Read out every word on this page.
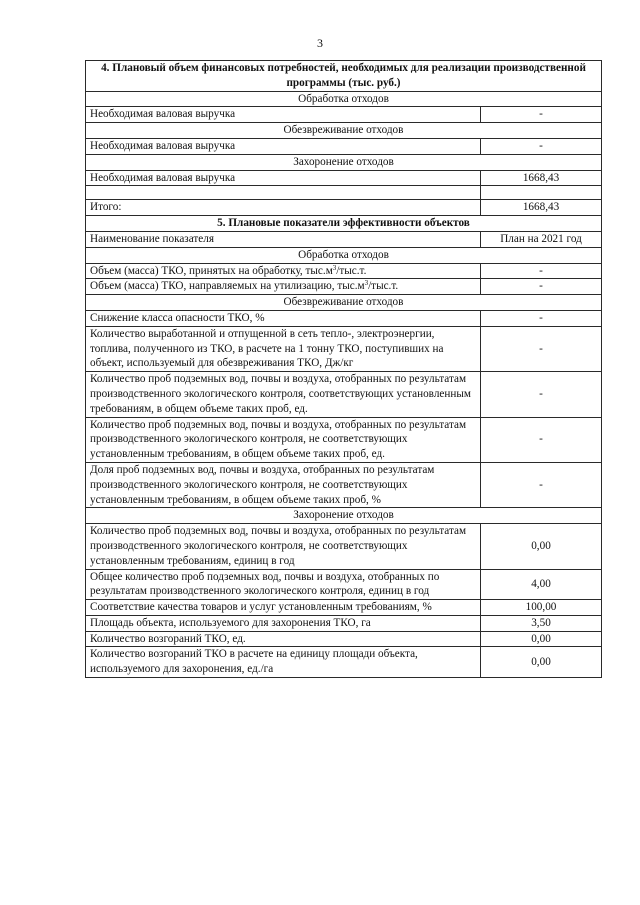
3
4. Плановый объем финансовых потребностей, необходимых для реализации производственной программы (тыс. руб.)	
Обработка отходов	
Необходимая валовая выручка	-
Обезвреживание отходов	
Необходимая валовая выручка	-
Захоронение отходов	
Необходимая валовая выручка	1668,43

Итого:	1668,43
5. Плановые показатели эффективности объектов	
Наименование показателя	План на 2021 год
Обработка отходов	
Объем (масса) ТКО, принятых на обработку, $тыс.м^3/тыс.т$.	-
Объем (масса) ТКО, направляемых на утилизацию, $тыс.м^3/тыс.т$.	-
Обезвреживание отходов	
Снижение класса опасности ТКО, %	-
Количество выработанной и отпущенной в сеть тепло-, электроэнергии, топлива, полученного из ТКО, в расчете на 1 тонну ТКО, поступивших на объект, используемый для обезвреживания ТКО, Дж/кг	-
Количество проб подземных вод, почвы и воздуха, отобранных по результатам производственного экологического контроля, соответствующих установленным требованиям, в общем объеме таких проб, ед.	-
Количество проб подземных вод, почвы и воздуха, отобранных по результатам производственного экологического контроля, не соответствующих установленным требованиям, в общем объеме таких проб, ед.	-
Доля проб подземных вод, почвы и воздуха, отобранных по результатам производственного экологического контроля, не соответствующих установленным требованиям, в общем объеме таких проб, %	-
Захоронение отходов	
Количество проб подземных вод, почвы и воздуха, отобранных по результатам производственного экологического контроля, не соответствующих установленным требованиям, единиц в год	0,00
Общее количество проб подземных вод, почвы и воздуха, отобранных по результатам производственного экологического контроля, единиц в год	4,00
Соответствие качества товаров и услуг установленным требованиям, %	100,00
Площадь объекта, используемого для захоронения ТКО, га	3,50
Количество возгораний ТКО, ед.	0,00
Количество возгораний ТКО в расчете на единицу площади объекта, используемого для захоронения, ед./га	0,00
